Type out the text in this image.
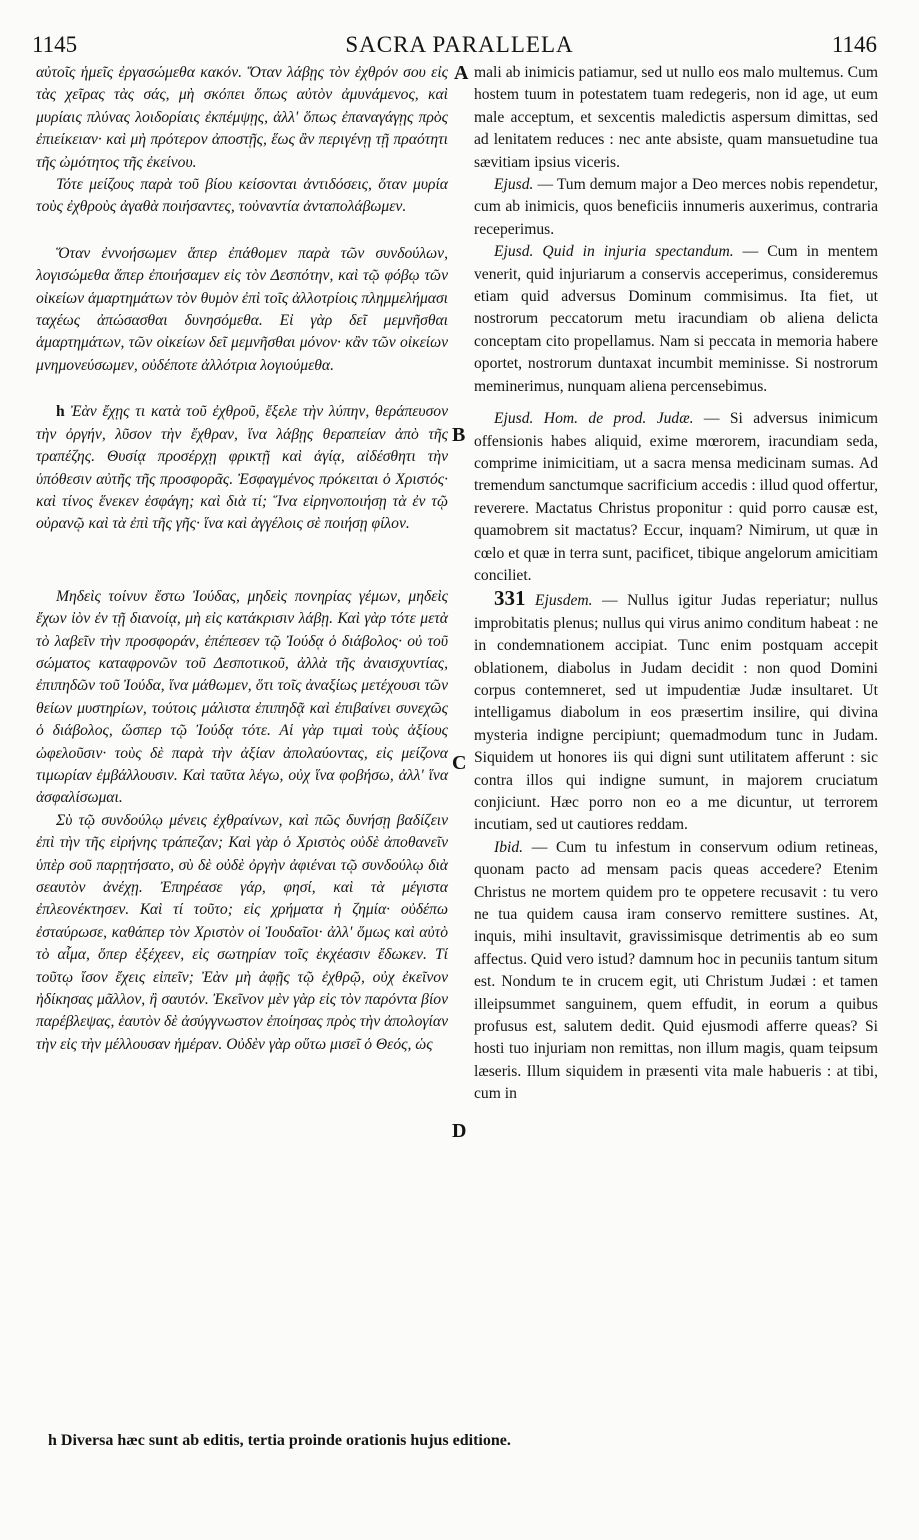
1145	SACRA PARALLELA	1146

αὐτοῖς ἡμεῖς ἐργασώμεθα κακόν. Ὅταν λάβῃς τὸν ἐχθρόν σου εἰς τὰς χεῖρας τὰς σάς, μὴ σκόπει ὅπως αὐτὸν ἀμυνάμενος, καὶ μυρίαις πλύνας λοιδορίαις ἐκπέμψῃς, ἀλλ' ὅπως ἐπαναγάγῃς πρὸς ἐπιείκειαν· καὶ μὴ πρότερον ἀποστῇς, ἕως ἂν περιγένῃ τῇ πραότητι τῆς ὠμότητος τῆς ἐκείνου.

Τότε μείζους παρὰ τοῦ βίου κείσονται ἀντιδόσεις, ὅταν μυρία τοὺς ἐχθροὺς ἀγαθὰ ποιήσαντες, τοὐναντία ἀνταπολάβωμεν.

Ὅταν ἐννοήσωμεν ἅπερ ἐπάθομεν παρὰ τῶν συνδούλων, λογισώμεθα ἅπερ ἐποιήσαμεν εἰς τὸν Δεσπότην, καὶ τῷ φόβῳ τῶν οἰκείων ἁμαρτημάτων τὸν θυμὸν ἐπὶ τοῖς ἀλλοτρίοις πλημμελήμασι ταχέως ἀπώσασθαι δυνησόμεθα. Εἰ γὰρ δεῖ μεμνῆσθαι ἁμαρτημάτων, τῶν οἰκείων δεῖ μεμνῆσθαι μόνον· κἂν τῶν οἰκείων μνημονεύσωμεν, οὐδέποτε ἀλλότρια λογιούμεθα.

h Ἐὰν ἔχῃς τι κατὰ τοῦ ἐχθροῦ, ἔξελε τὴν λύπην, θεράπευσον τὴν ὀργήν, λῦσον τὴν ἔχθραν, ἵνα λάβῃς θεραπείαν ἀπὸ τῆς τραπέζης. Θυσίᾳ προσέρχῃ φρικτῇ καὶ ἁγίᾳ, αἰδέσθητι τὴν ὑπόθεσιν αὐτῆς τῆς προσφορᾶς. Ἐσφαγμένος πρόκειται ὁ Χριστός· καὶ τίνος ἕνεκεν ἐσφάγη; καὶ διὰ τί; Ἵνα εἰρηνοποιήσῃ τὰ ἐν τῷ οὐρανῷ καὶ τὰ ἐπὶ τῆς γῆς· ἵνα καὶ ἀγγέλοις σὲ ποιήσῃ φίλον.

Μηδεὶς τοίνυν ἔστω Ἰούδας, μηδεὶς πονηρίας γέμων, μηδεὶς ἔχων ἰὸν ἐν τῇ διανοίᾳ, μὴ εἰς κατάκρισιν λάβῃ. Καὶ γὰρ τότε μετὰ τὸ λαβεῖν τὴν προσφοράν, ἐπέπεσεν τῷ Ἰούδᾳ ὁ διάβολος· οὐ τοῦ σώματος καταφρονῶν τοῦ Δεσποτικοῦ, ἀλλὰ τῆς ἀναισχυντίας, ἐπιπηδῶν τοῦ Ἰούδα, ἵνα μάθωμεν, ὅτι τοῖς ἀναξίως μετέχουσι τῶν θείων μυστηρίων, τούτοις μάλιστα ἐπιπηδᾷ καὶ ἐπιβαίνει συνεχῶς ὁ διάβολος, ὥσπερ τῷ Ἰούδᾳ τότε. Αἱ γὰρ τιμαὶ τοὺς ἀξίους ὠφελοῦσιν· τοὺς δὲ παρὰ τὴν ἀξίαν ἀπολαύοντας, εἰς μείζονα τιμωρίαν ἐμβάλλουσιν. Καὶ ταῦτα λέγω, οὐχ ἵνα φοβήσω, ἀλλ' ἵνα ἀσφαλίσωμαι.

Σὺ τῷ συνδούλῳ μένεις ἐχθραίνων, καὶ πῶς δυνήσῃ βαδίζειν ἐπὶ τὴν τῆς εἰρήνης τράπεζαν; Καὶ γὰρ ὁ Χριστὸς οὐδὲ ἀποθανεῖν ὑπὲρ σοῦ παρῃτήσατο, σὺ δὲ οὐδὲ ὀργὴν ἀφιέναι τῷ συνδούλῳ διὰ σεαυτὸν ἀνέχῃ. Ἐπηρέασε γάρ, φησί, καὶ τὰ μέγιστα ἐπλεονέκτησεν. Καὶ τί τοῦτο; εἰς χρήματα ἡ ζημία· οὐδέπω ἐσταύρωσε, καθάπερ τὸν Χριστὸν οἱ Ἰουδαῖοι· ἀλλ' ὅμως καὶ αὐτὸ τὸ αἷμα, ὅπερ ἐξέχεεν, εἰς σωτηρίαν τοῖς ἐκχέασιν ἔδωκεν. Τί τοῦτῳ ἴσον ἔχεις εἰπεῖν; Ἐὰν μὴ ἀφῇς τῷ ἐχθρῷ, οὐχ ἐκεῖνον ἠδίκησας μᾶλλον, ἢ σαυτόν. Ἐκεῖνον μὲν γὰρ εἰς τὸν παρόντα βίον παρέβλεψας, ἑαυτὸν δὲ ἀσύγγνωστον ἐποίησας πρὸς τὴν ἀπολογίαν τὴν εἰς τὴν μέλλουσαν ἡμέραν. Οὐδὲν γὰρ οὕτω μισεῖ ὁ Θεός, ὡς

A
B
C
D

mali ab inimicis patiamur, sed ut nullo eos malo multemus. Cum hostem tuum in potestatem tuam redegeris, non id age, ut eum male acceptum, et sexcentis maledictis aspersum dimittas, sed ad lenitatem reduces : nec ante absiste, quam mansuetudine tua sævitiam ipsius viceris.

Ejusd. — Tum demum major a Deo merces nobis rependetur, cum ab inimicis, quos beneficiis innumeris auxerimus, contraria receperimus.

Ejusd. Quid in injuria spectandum. — Cum in mentem venerit, quid injuriarum a conservis acceperimus, consideremus etiam quid adversus Dominum commisimus. Ita fiet, ut nostrorum peccatorum metu iracundiam ob aliena delicta conceptam cito propellamus. Nam si peccata in memoria habere oportet, nostrorum duntaxat incumbit meminisse. Si nostrorum meminerimus, nunquam aliena percensebimus.

Ejusd. Hom. de prod. Judæ. — Si adversus inimicum offensionis habes aliquid, exime mœrorem, iracundiam seda, comprime inimicitiam, ut a sacra mensa medicinam sumas. Ad tremendum sanctumque sacrificium accedis : illud quod offertur, reverere. Mactatus Christus proponitur : quid porro causæ est, quamobrem sit mactatus? Eccur, inquam? Nimirum, ut quæ in cœlo et quæ in terra sunt, pacificet, tibique angelorum amicitiam conciliet.

331 Ejusdem. — Nullus igitur Judas reperiatur; nullus improbitatis plenus; nullus qui virus animo conditum habeat : ne in condemnationem accipiat. Tunc enim postquam accepit oblationem, diabolus in Judam decidit : non quod Domini corpus contemneret, sed ut impudentiæ Judæ insultaret. Ut intelligamus diabolum in eos præsertim insilire, qui divina mysteria indigne percipiunt; quemadmodum tunc in Judam. Siquidem ut honores iis qui digni sunt utilitatem afferunt : sic contra illos qui indigne sumunt, in majorem cruciatum conjiciunt. Hæc porro non eo a me dicuntur, ut terrorem incutiam, sed ut cautiores reddam.

Ibid. — Cum tu infestum in conservum odium retineas, quonam pacto ad mensam pacis queas accedere? Etenim Christus ne mortem quidem pro te oppetere recusavit : tu vero ne tua quidem causa iram conservo remittere sustines. At, inquis, mihi insultavit, gravissimisque detrimentis ab eo sum affectus. Quid vero istud? damnum hoc in pecuniis tantum situm est. Nondum te in crucem egit, uti Christum Judæi : et tamen illeipsummet sanguinem, quem effudit, in eorum a quibus profusus est, salutem dedit. Quid ejusmodi afferre queas? Si hosti tuo injuriam non remittas, non illum magis, quam teipsum læseris. Illum siquidem in præsenti vita male habueris : at tibi, cum in

h Diversa hæc sunt ab editis, tertia proinde orationis hujus editione.
